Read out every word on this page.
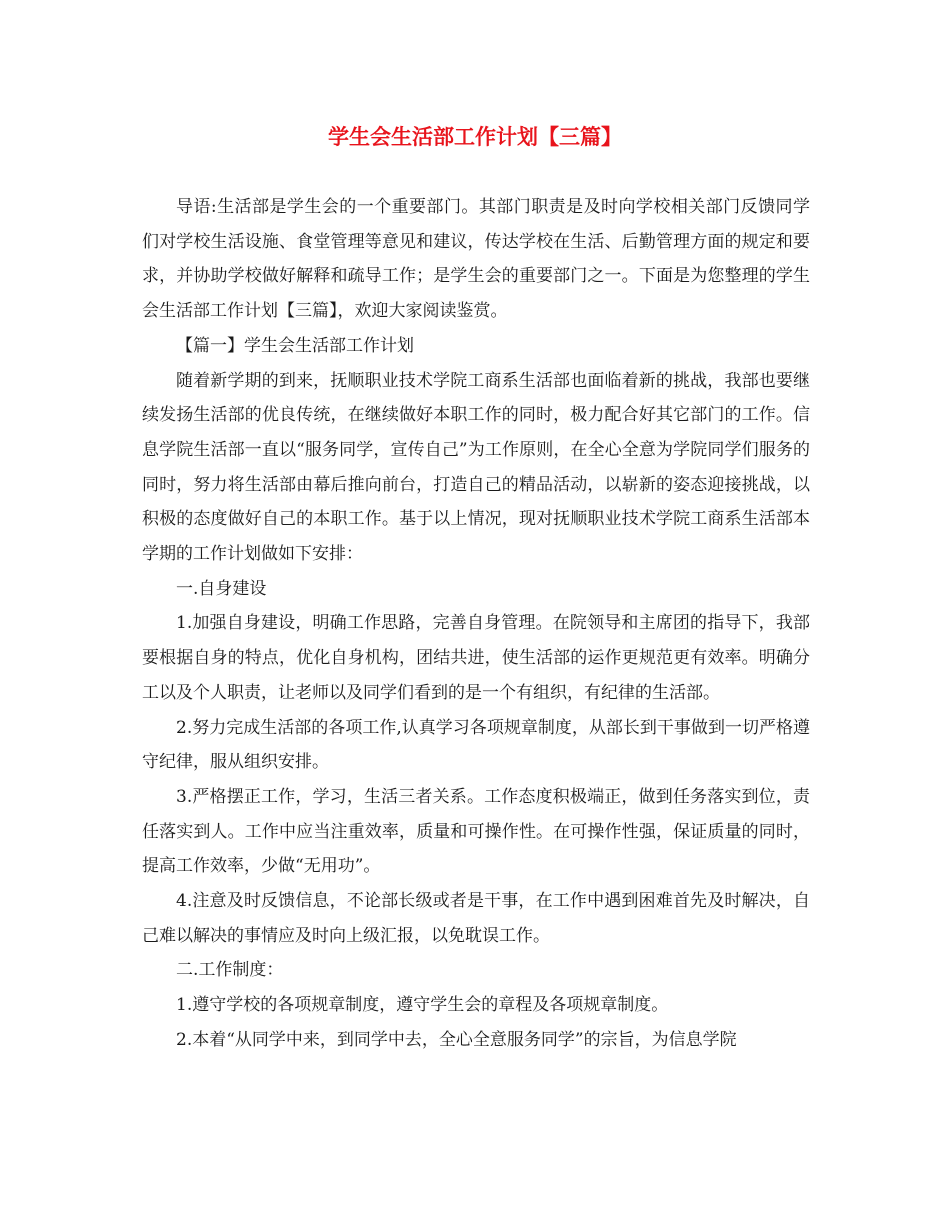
学生会生活部工作计划【三篇】

导语:生活部是学生会的一个重要部门。其部门职责是及时向学校相关部门反馈同学们对学校生活设施、食堂管理等意见和建议，传达学校在生活、后勤管理方面的规定和要求，并协助学校做好解释和疏导工作；是学生会的重要部门之一。下面是为您整理的学生会生活部工作计划【三篇】，欢迎大家阅读鉴赏。

【篇一】学生会生活部工作计划

随着新学期的到来，抚顺职业技术学院工商系生活部也面临着新的挑战，我部也要继续发扬生活部的优良传统，在继续做好本职工作的同时，极力配合好其它部门的工作。信息学院生活部一直以“服务同学，宣传自己”为工作原则，在全心全意为学院同学们服务的同时，努力将生活部由幕后推向前台，打造自己的精品活动，以崭新的姿态迎接挑战，以积极的态度做好自己的本职工作。基于以上情况，现对抚顺职业技术学院工商系生活部本学期的工作计划做如下安排：

一.自身建设

1.加强自身建设，明确工作思路，完善自身管理。在院领导和主席团的指导下，我部要根据自身的特点，优化自身机构，团结共进，使生活部的运作更规范更有效率。明确分工以及个人职责，让老师以及同学们看到的是一个有组织，有纪律的生活部。

2.努力完成生活部的各项工作,认真学习各项规章制度，从部长到干事做到一切严格遵守纪律，服从组织安排。

3.严格摆正工作，学习，生活三者关系。工作态度积极端正，做到任务落实到位，责任落实到人。工作中应当注重效率，质量和可操作性。在可操作性强，保证质量的同时，提高工作效率，少做“无用功”。

4.注意及时反馈信息，不论部长级或者是干事，在工作中遇到困难首先及时解决，自己难以解决的事情应及时向上级汇报，以免耽误工作。

二.工作制度：

1.遵守学校的各项规章制度，遵守学生会的章程及各项规章制度。

2.本着“从同学中来，到同学中去，全心全意服务同学”的宗旨，为信息学院
